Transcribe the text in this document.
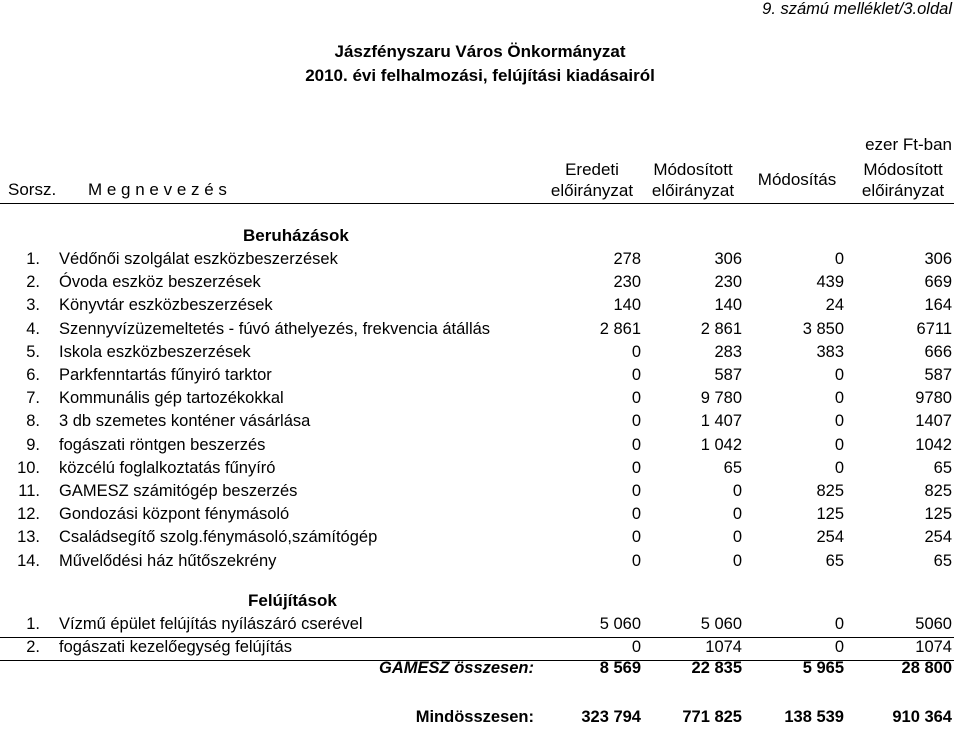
9. számú melléklet/3.oldal
Jászfényszaru Város Önkormányzat
2010. évi felhalmozási, felújítási kiadásairól
ezer Ft-ban
Sorsz. M e g n e v e z é s
Eredeti
előirányzat
Módosított
előirányzat
Módosítás
Módosított
előirányzat
Beruházások
1. Védőnői szolgálat eszközbeszerzések	278	306	0	306
2. Óvoda eszköz beszerzések	230	230	439	669
3. Könyvtár eszközbeszerzések	140	140	24	164
4. Szennyvízüzemeltetés - fúvó áthelyezés, frekvencia átállás	2 861	2 861	3 850	6711
5. Iskola eszközbeszerzések	0	283	383	666
6. Parkfenntartás fűnyiró tarktor	0	587	0	587
7. Kommunális gép tartozékokkal	0	9 780	0	9780
8. 3 db szemetes konténer vásárlása	0	1 407	0	1407
9. fogászati röntgen beszerzés	0	1 042	0	1042
10. közcélú foglalkoztatás fűnyíró	0	65	0	65
11. GAMESZ számitógép beszerzés	0	0	825	825
12. Gondozási központ fénymásoló	0	0	125	125
13. Családsegítő szolg.fénymásoló,számítógép	0	0	254	254
14. Művelődési ház hűtőszekrény	0	0	65	65
Felújítások
1. Vízmű épület felújítás nyílászáró cserével	5 060	5 060	0	5060
2. fogászati kezelőegység felújítás	0	1074	0	1074
GAMESZ összesen:	8 569	22 835	5 965	28 800
Mindösszesen:	323 794	771 825	138 539	910 364
